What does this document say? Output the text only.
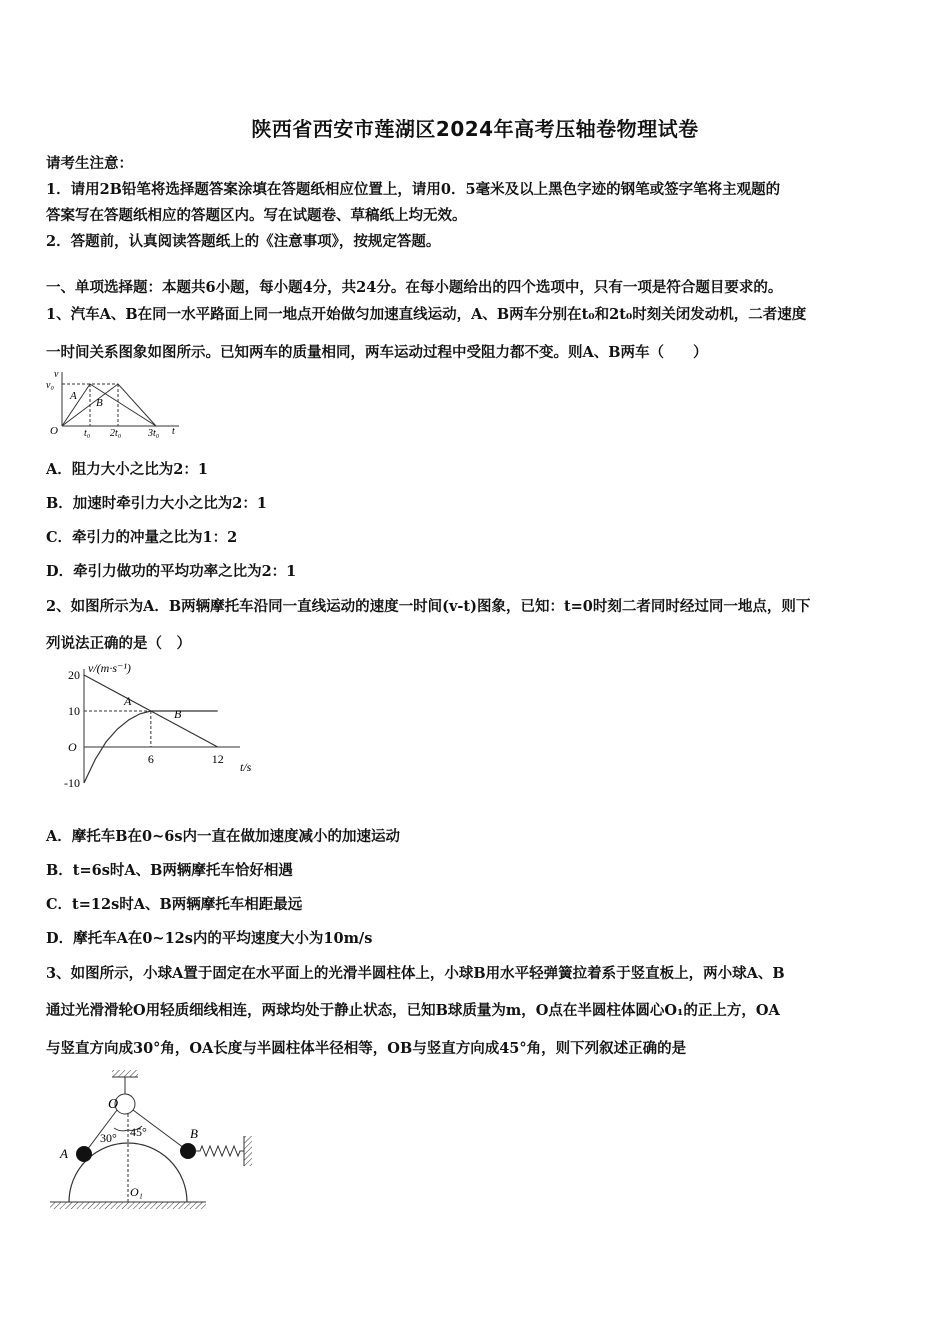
陕西省西安市莲湖区2024年高考压轴卷物理试卷
请考生注意：
1．请用2B铅笔将选择题答案涂填在答题纸相应位置上，请用0．5毫米及以上黑色字迹的钢笔或签字笔将主观题的
答案写在答题纸相应的答题区内。写在试题卷、草稿纸上均无效。
2．答题前，认真阅读答题纸上的《注意事项》，按规定答题。
一、单项选择题：本题共6小题，每小题4分，共24分。在每小题给出的四个选项中，只有一项是符合题目要求的。
1、汽车A、B在同一水平路面上同一地点开始做匀加速直线运动，A、B两车分别在t₀和2t₀时刻关闭发动机，二者速度
一时间关系图象如图所示。已知两车的质量相同，两车运动过程中受阻力都不变。则A、B两车（　　）
v
v₀
O	t
t₀ 2t₀	3t₀
A
B
A．阻力大小之比为2：1
B．加速时牵引力大小之比为2：1
C．牵引力的冲量之比为1：2
D．牵引力做功的平均功率之比为2：1
2、如图所示为A．B两辆摩托车沿同一直线运动的速度一时间(v-t)图象，已知：t=0时刻二者同时经过同一地点，则下
列说法正确的是（　）
v/(m·s⁻¹)
t/s
O
20
10
-10
6	12
A
B
A．摩托车B在0~6s内一直在做加速度减小的加速运动
B．t=6s时A、B两辆摩托车恰好相遇
C．t=12s时A、B两辆摩托车相距最远
D．摩托车A在0~12s内的平均速度大小为10m/s
3、如图所示，小球A置于固定在水平面上的光滑半圆柱体上，小球B用水平轻弹簧拉着系于竖直板上，两小球A、B
通过光滑滑轮O用轻质细线相连，两球均处于静止状态，已知B球质量为m，O点在半圆柱体圆心O₁的正上方，OA
与竖直方向成30°角，OA长度与半圆柱体半径相等，OB与竖直方向成45°角，则下列叙述正确的是
O
A
B
O₁
30° 45°
